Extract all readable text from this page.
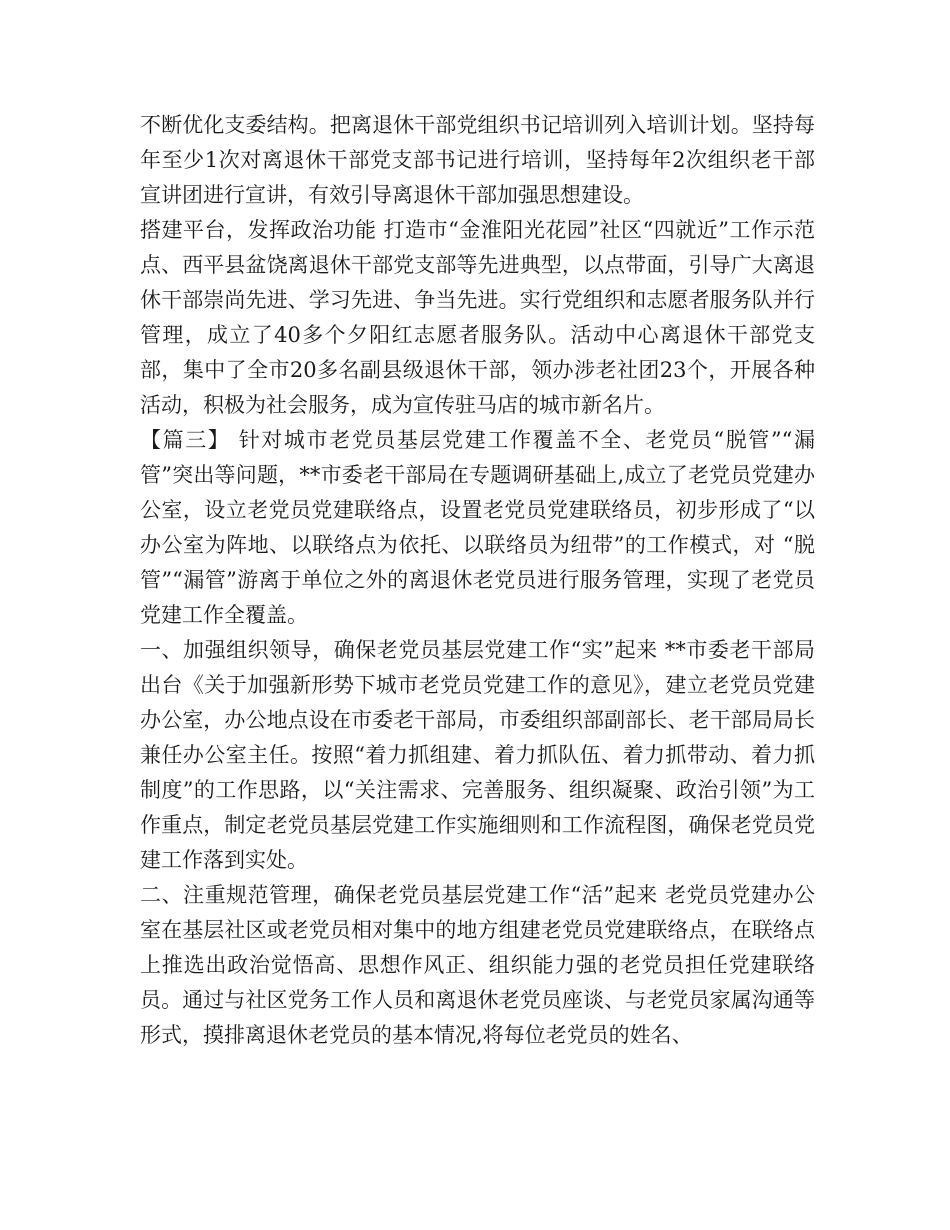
不断优化支委结构。把离退休干部党组织书记培训列入培训计划。坚持每年至少1次对离退休干部党支部书记进行培训，坚持每年2次组织老干部宣讲团进行宣讲，有效引导离退休干部加强思想建设。

搭建平台，发挥政治功能 打造市“金淮阳光花园”社区“四就近”工作示范点、西平县盆饶离退休干部党支部等先进典型，以点带面，引导广大离退休干部崇尚先进、学习先进、争当先进。实行党组织和志愿者服务队并行管理，成立了40多个夕阳红志愿者服务队。活动中心离退休干部党支部，集中了全市20多名副县级退休干部，领办涉老社团23个，开展各种活动，积极为社会服务，成为宣传驻马店的城市新名片。

【篇三】 针对城市老党员基层党建工作覆盖不全、老党员“脱管”“漏管”突出等问题，**市委老干部局在专题调研基础上,成立了老党员党建办公室，设立老党员党建联络点，设置老党员党建联络员，初步形成了“以办公室为阵地、以联络点为依托、以联络员为纽带”的工作模式，对 “脱管”“漏管”游离于单位之外的离退休老党员进行服务管理，实现了老党员党建工作全覆盖。

一、加强组织领导，确保老党员基层党建工作“实”起来 **市委老干部局出台《关于加强新形势下城市老党员党建工作的意见》，建立老党员党建办公室，办公地点设在市委老干部局，市委组织部副部长、老干部局局长兼任办公室主任。按照“着力抓组建、着力抓队伍、着力抓带动、着力抓制度”的工作思路，以“关注需求、完善服务、组织凝聚、政治引领”为工作重点，制定老党员基层党建工作实施细则和工作流程图，确保老党员党建工作落到实处。

二、注重规范管理，确保老党员基层党建工作“活”起来 老党员党建办公室在基层社区或老党员相对集中的地方组建老党员党建联络点，在联络点上推选出政治觉悟高、思想作风正、组织能力强的老党员担任党建联络员。通过与社区党务工作人员和离退休老党员座谈、与老党员家属沟通等形式，摸排离退休老党员的基本情况,将每位老党员的姓名、
